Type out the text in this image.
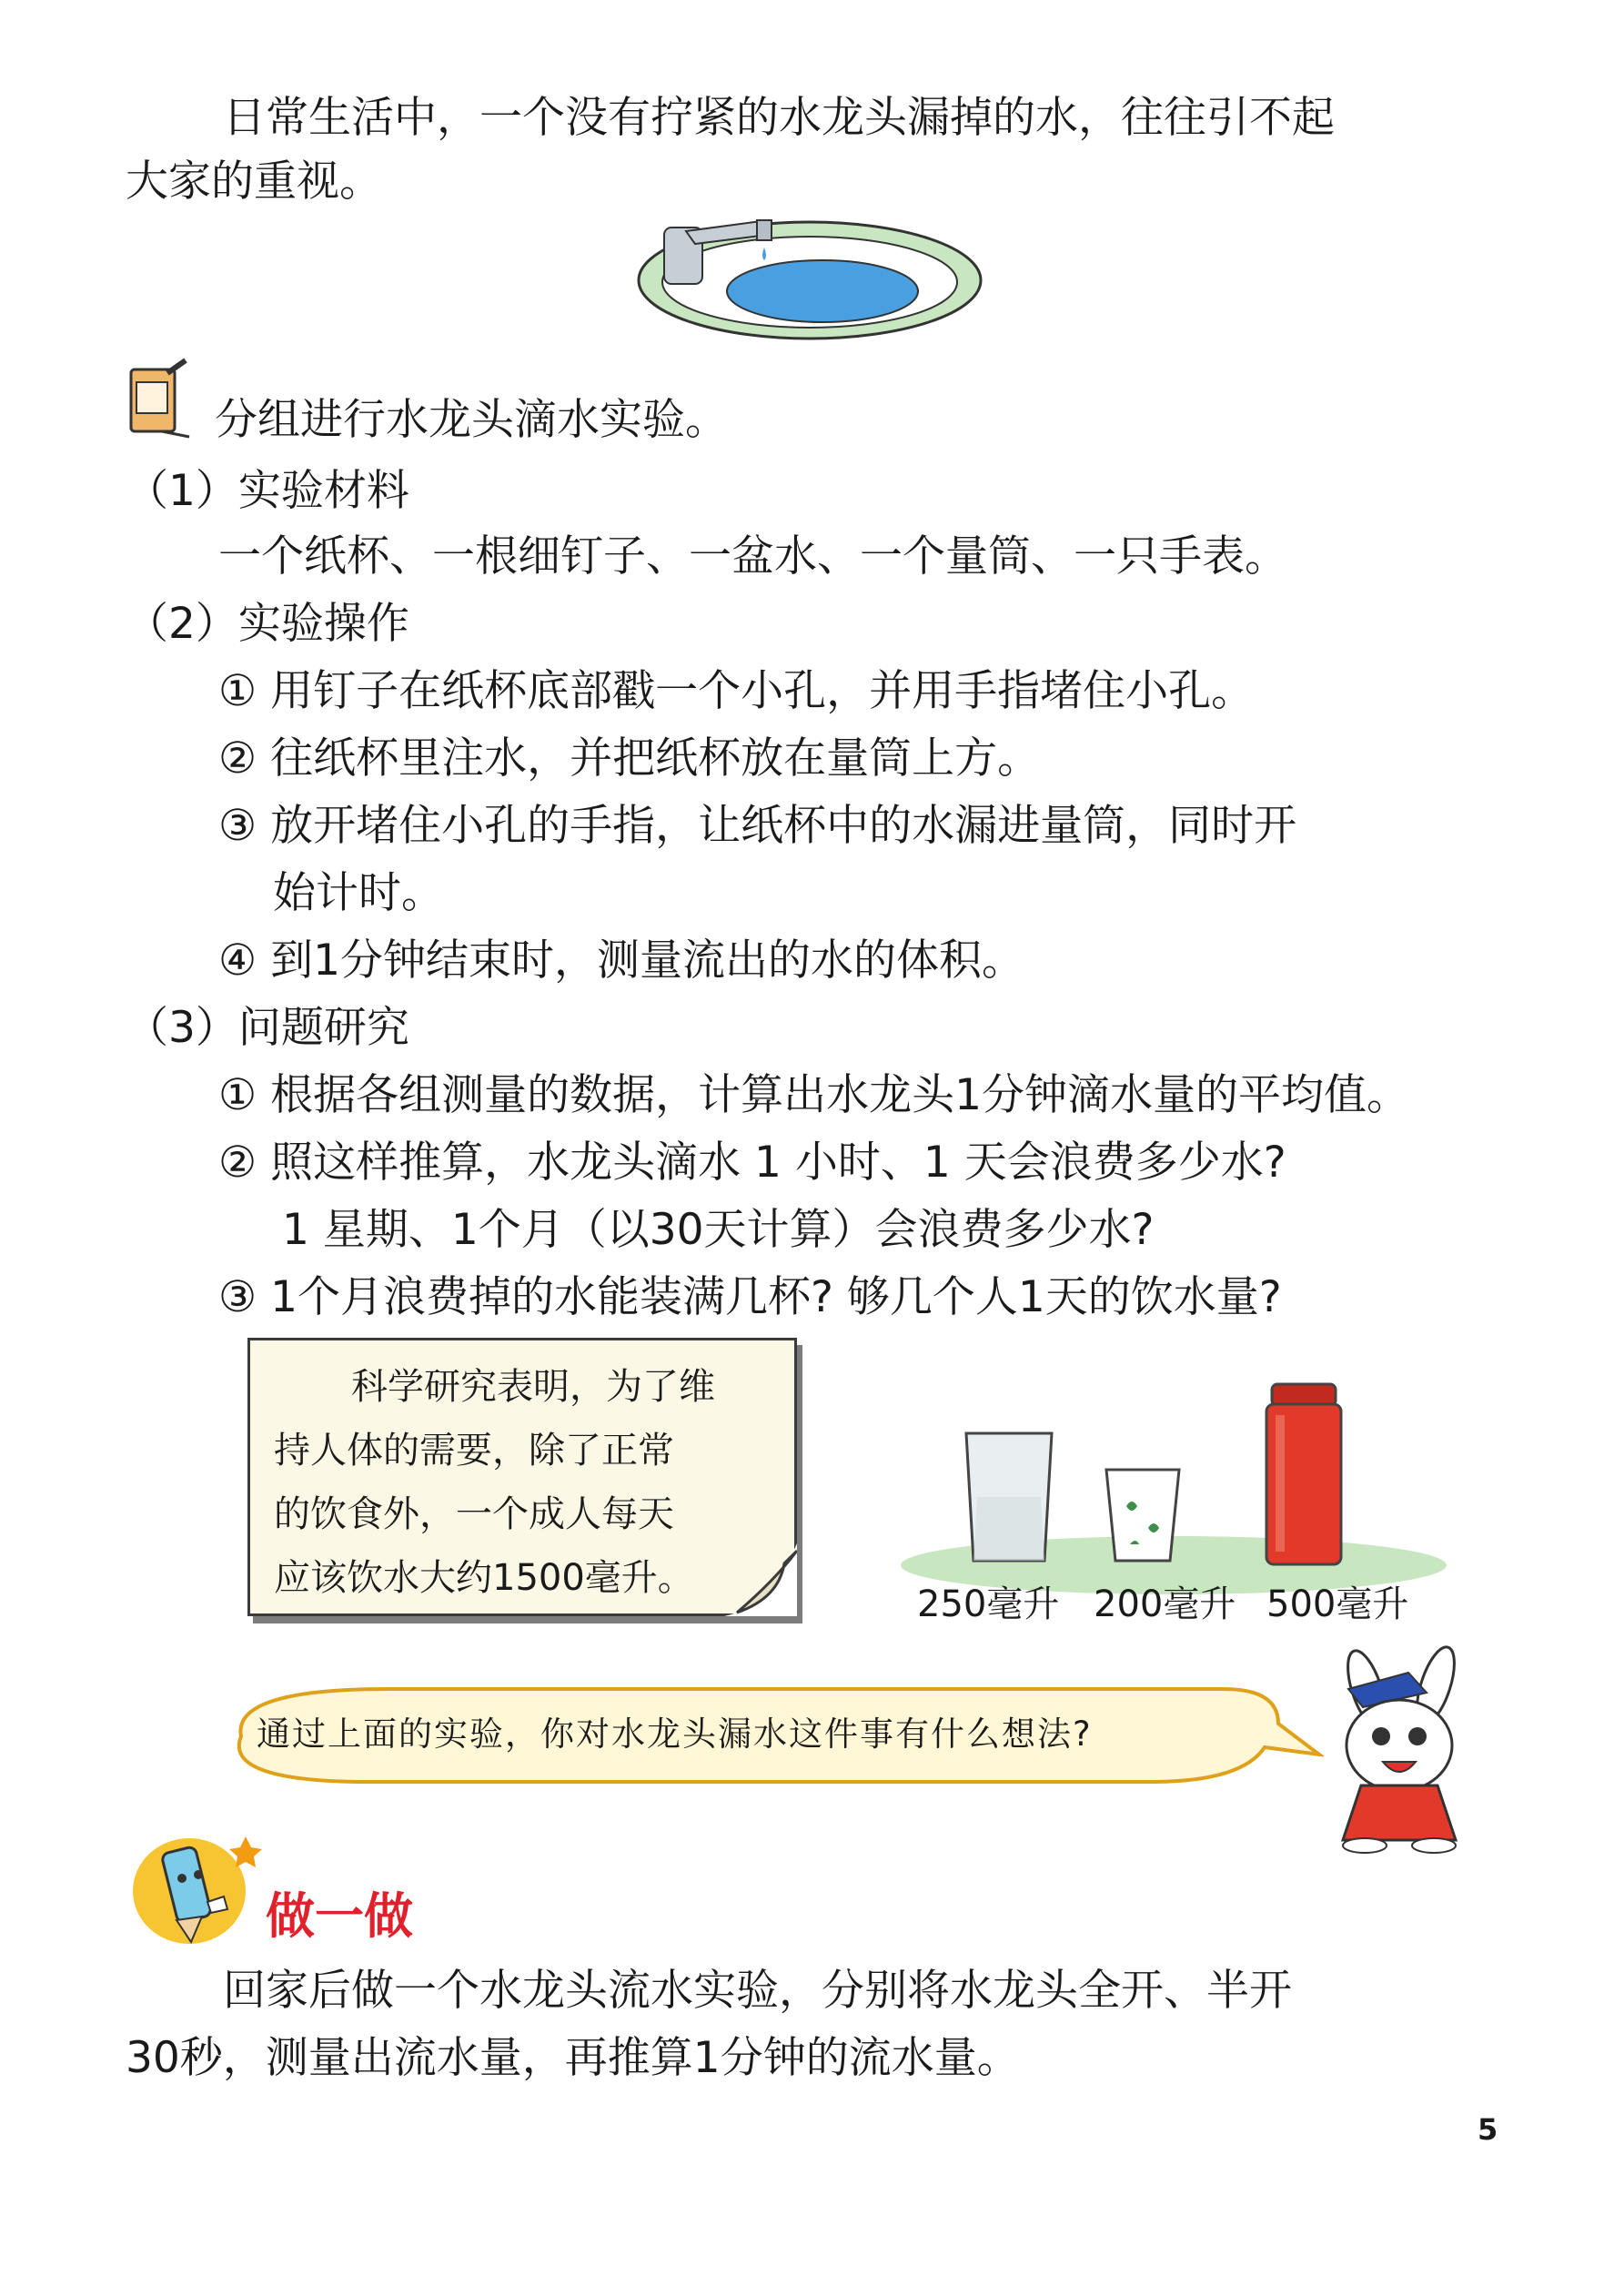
日常生活中，一个没有拧紧的水龙头漏掉的水，往往引不起

大家的重视。

分组进行水龙头滴水实验。

（1）实验材料

一个纸杯、一根细钉子、一盆水、一个量筒、一只手表。

（2）实验操作

① 用钉子在纸杯底部戳一个小孔，并用手指堵住小孔。

② 往纸杯里注水，并把纸杯放在量筒上方。

③ 放开堵住小孔的手指，让纸杯中的水漏进量筒，同时开

始计时。

④ 到1分钟结束时，测量流出的水的体积。

（3）问题研究

① 根据各组测量的数据，计算出水龙头1分钟滴水量的平均值。

② 照这样推算，水龙头滴水 1 小时、1 天会浪费多少水?

1 星期、1个月（以30天计算）会浪费多少水?

③ 1个月浪费掉的水能装满几杯? 够几个人1天的饮水量?

科学研究表明，为了维
持人体的需要，除了正常
的饮食外，一个成人每天
应该饮水大约1500毫升。
250毫升 200毫升 500毫升
通过上面的实验，你对水龙头漏水这件事有什么想法?
做一做

回家后做一个水龙头流水实验，分别将水龙头全开、半开

30秒，测量出流水量，再推算1分钟的流水量。

5
